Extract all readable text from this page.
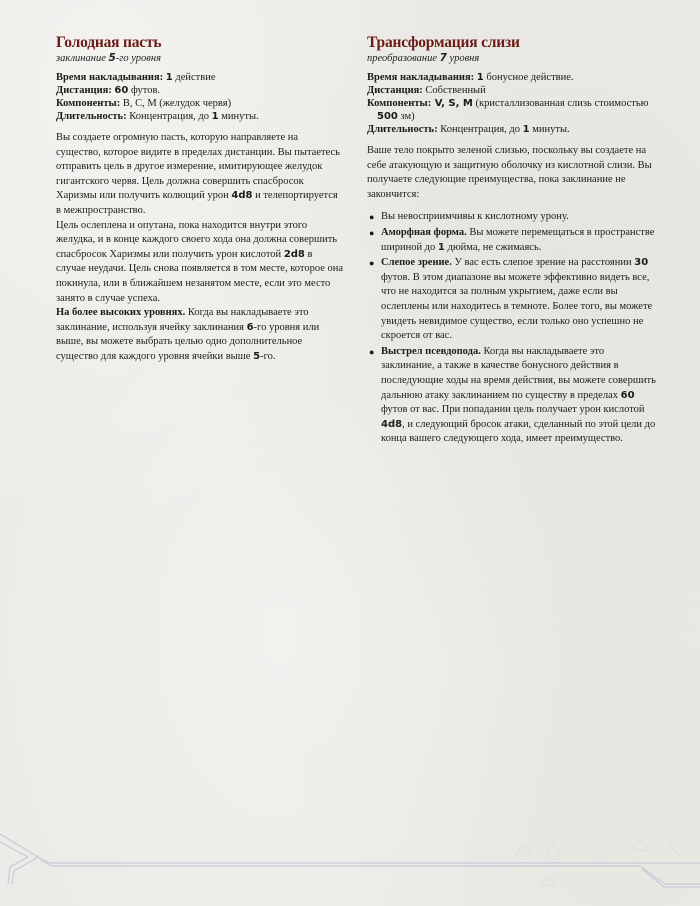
Голодная пасть

заклинание 5-го уровня

Время накладывания: 1 действие

Дистанция: 60 футов.

Компоненты: В, С, М (желудок червя)

Длительность: Концентрация, до 1 минуты.

Вы создаете огромную пасть, которую направляете на существо, которое видите в пределах дистанции. Вы пытаетесь отправить цель в другое измерение, имитирующее желудок гигантского червя. Цель должна совершить спасбросок Харизмы или получить колющий урон 4d8 и телепортируется в межпространство.

Цель ослеплена и опутана, пока находится внутри этого желудка, и в конце каждого своего хода она должна совершить спасбросок Харизмы или получить урон кислотой 2d8 в случае неудачи. Цель снова появляется в том месте, которое она покинула, или в ближайшем незанятом месте, если это место занято в случае успеха.

На более высоких уровнях. Когда вы накладываете это заклинание, используя ячейку заклинания 6-го уровня или выше, вы можете выбрать целью одно дополнительное существо для каждого уровня ячейки выше 5-го.

Трансформация слизи

преобразование 7 уровня

Время накладывания: 1 бонусное действие.

Дистанция: Собственный

Компоненты: V, S, M (кристаллизованная слизь стоимостью 500 зм)

Длительность: Концентрация, до 1 минуты.

Ваше тело покрыто зеленой слизью, поскольку вы создаете на себе атакующую и защитную оболочку из кислотной слизи. Вы получаете следующие преимущества, пока заклинание не закончится:

● Вы невосприимчивы к кислотному урону.
● Аморфная форма. Вы можете перемещаться в пространстве шириной до 1 дюйма, не сжимаясь.
● Слепое зрение. У вас есть слепое зрение на расстоянии 30 футов. В этом диапазоне вы можете эффективно видеть все, что не находится за полным укрытием, даже если вы ослеплены или находитесь в темноте. Более того, вы можете увидеть невидимое существо, если только оно успешно не скроется от вас.
● Выстрел псевдопода. Когда вы накладываете это заклинание, а также в качестве бонусного действия в последующие ходы на время действия, вы можете совершить дальнюю атаку заклинанием по существу в пределах 60 футов от вас. При попадании цель получает урон кислотой 4d8, и следующий бросок атаки, сделанный по этой цели до конца вашего следующего хода, имеет преимущество.
